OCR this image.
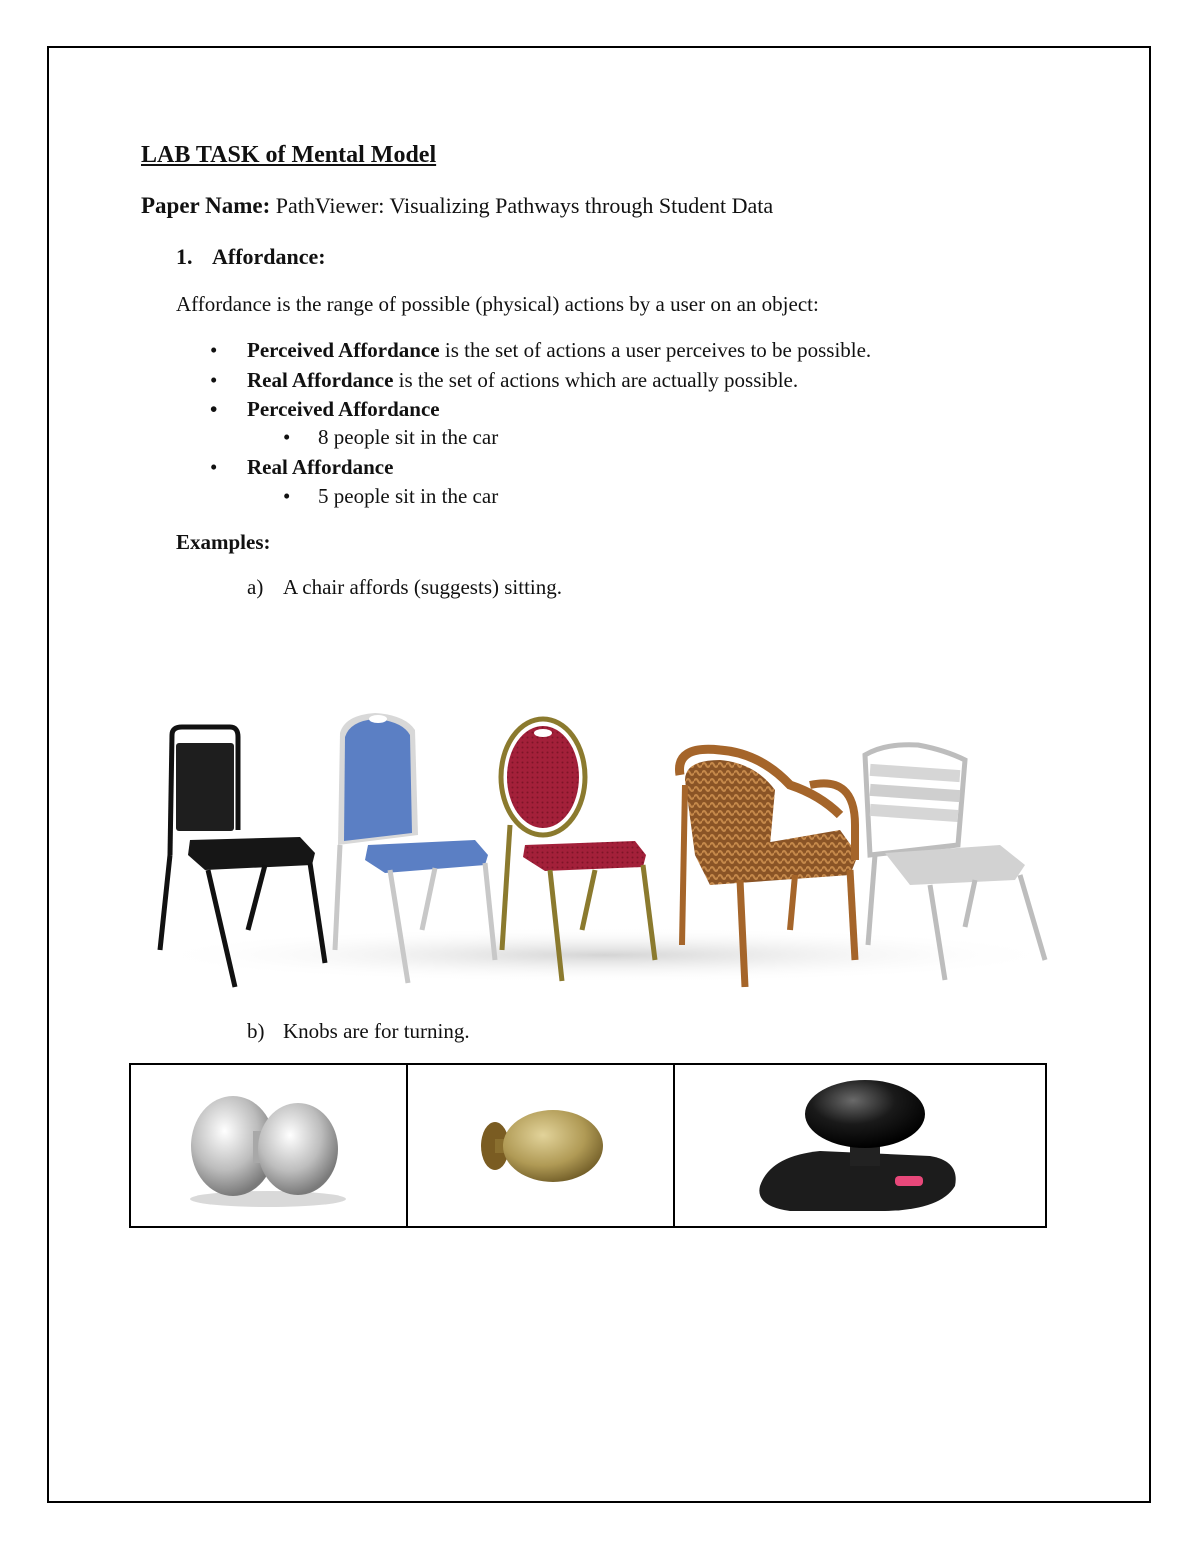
LAB TASK of Mental Model
Paper Name: PathViewer: Visualizing Pathways through Student Data
1. Affordance:
Affordance is the range of possible (physical) actions by a user on an object:
• Perceived Affordance is the set of actions a user perceives to be possible.
• Real Affordance is the set of actions which are actually possible.
• Perceived Affordance
• 8 people sit in the car
• Real Affordance
• 5 people sit in the car
Examples:
a) A chair affords (suggests) sitting.
b) Knobs are for turning.
